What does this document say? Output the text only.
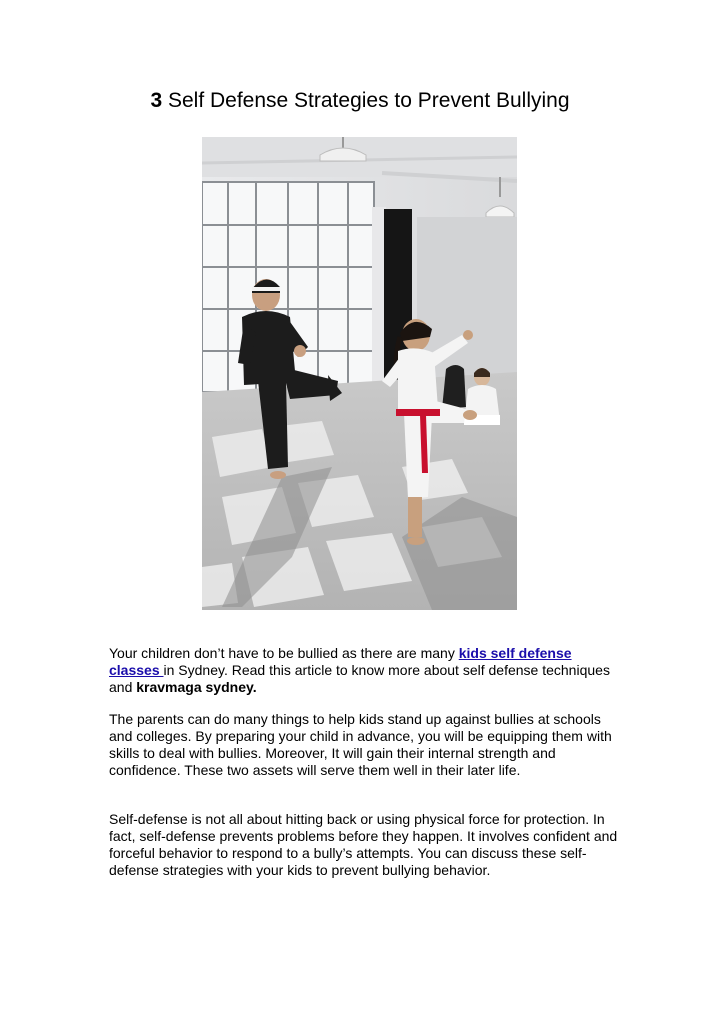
3 Self Defense Strategies to Prevent Bullying
Your children don’t have to be bullied as there are many kids self defense classes in Sydney. Read this article to know more about self defense techniques and kravmaga sydney.
The parents can do many things to help kids stand up against bullies at schools and colleges. By preparing your child in advance, you will be equipping them with skills to deal with bullies. Moreover, It will gain their internal strength and confidence. These two assets will serve them well in their later life.
Self-defense is not all about hitting back or using physical force for protection. In fact, self-defense prevents problems before they happen. It involves confident and forceful behavior to respond to a bully’s attempts. You can discuss these self-defense strategies with your kids to prevent bullying behavior.
